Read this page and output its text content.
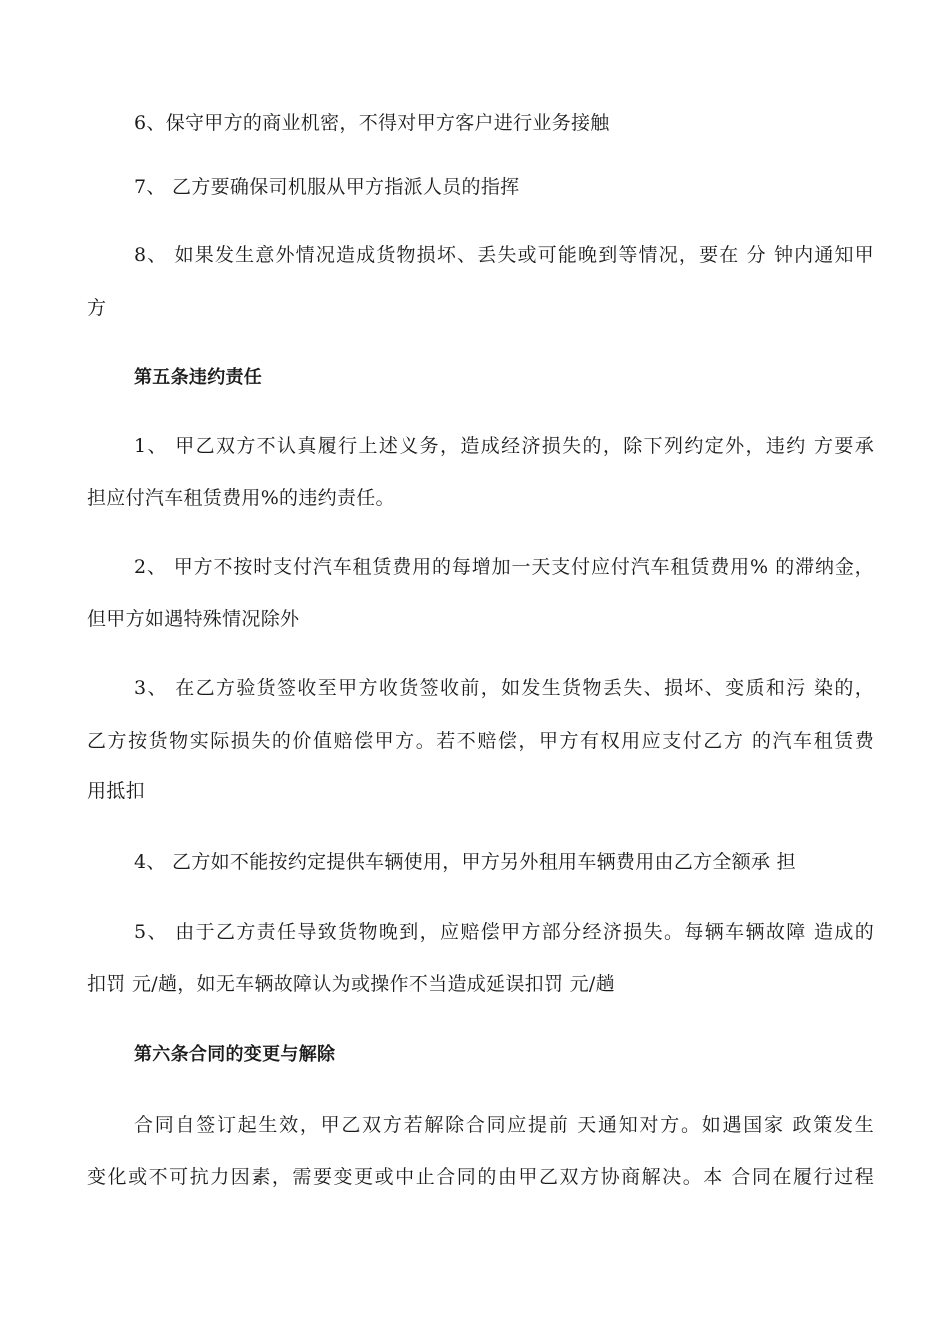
6、保守甲方的商业机密，不得对甲方客户进行业务接触
7、 乙方要确保司机服从甲方指派人员的指挥
8、 如果发生意外情况造成货物损坏、丢失或可能晚到等情况，要在 分 钟内通知甲
方
第五条违约责任
1、 甲乙双方不认真履行上述义务，造成经济损失的，除下列约定外，违约 方要承
担应付汽车租赁费用%的违约责任。
2、 甲方不按时支付汽车租赁费用的每增加一天支付应付汽车租赁费用% 的滞纳金，
但甲方如遇特殊情况除外
3、 在乙方验货签收至甲方收货签收前，如发生货物丢失、损坏、变质和污 染的，
乙方按货物实际损失的价值赔偿甲方。若不赔偿，甲方有权用应支付乙方 的汽车租赁费
用抵扣
4、 乙方如不能按约定提供车辆使用，甲方另外租用车辆费用由乙方全额承 担
5、 由于乙方责任导致货物晚到，应赔偿甲方部分经济损失。每辆车辆故障 造成的
扣罚 元/趟，如无车辆故障认为或操作不当造成延误扣罚 元/趟
第六条合同的变更与解除
合同自签订起生效，甲乙双方若解除合同应提前 天通知对方。如遇国家 政策发生
变化或不可抗力因素，需要变更或中止合同的由甲乙双方协商解决。本 合同在履行过程
